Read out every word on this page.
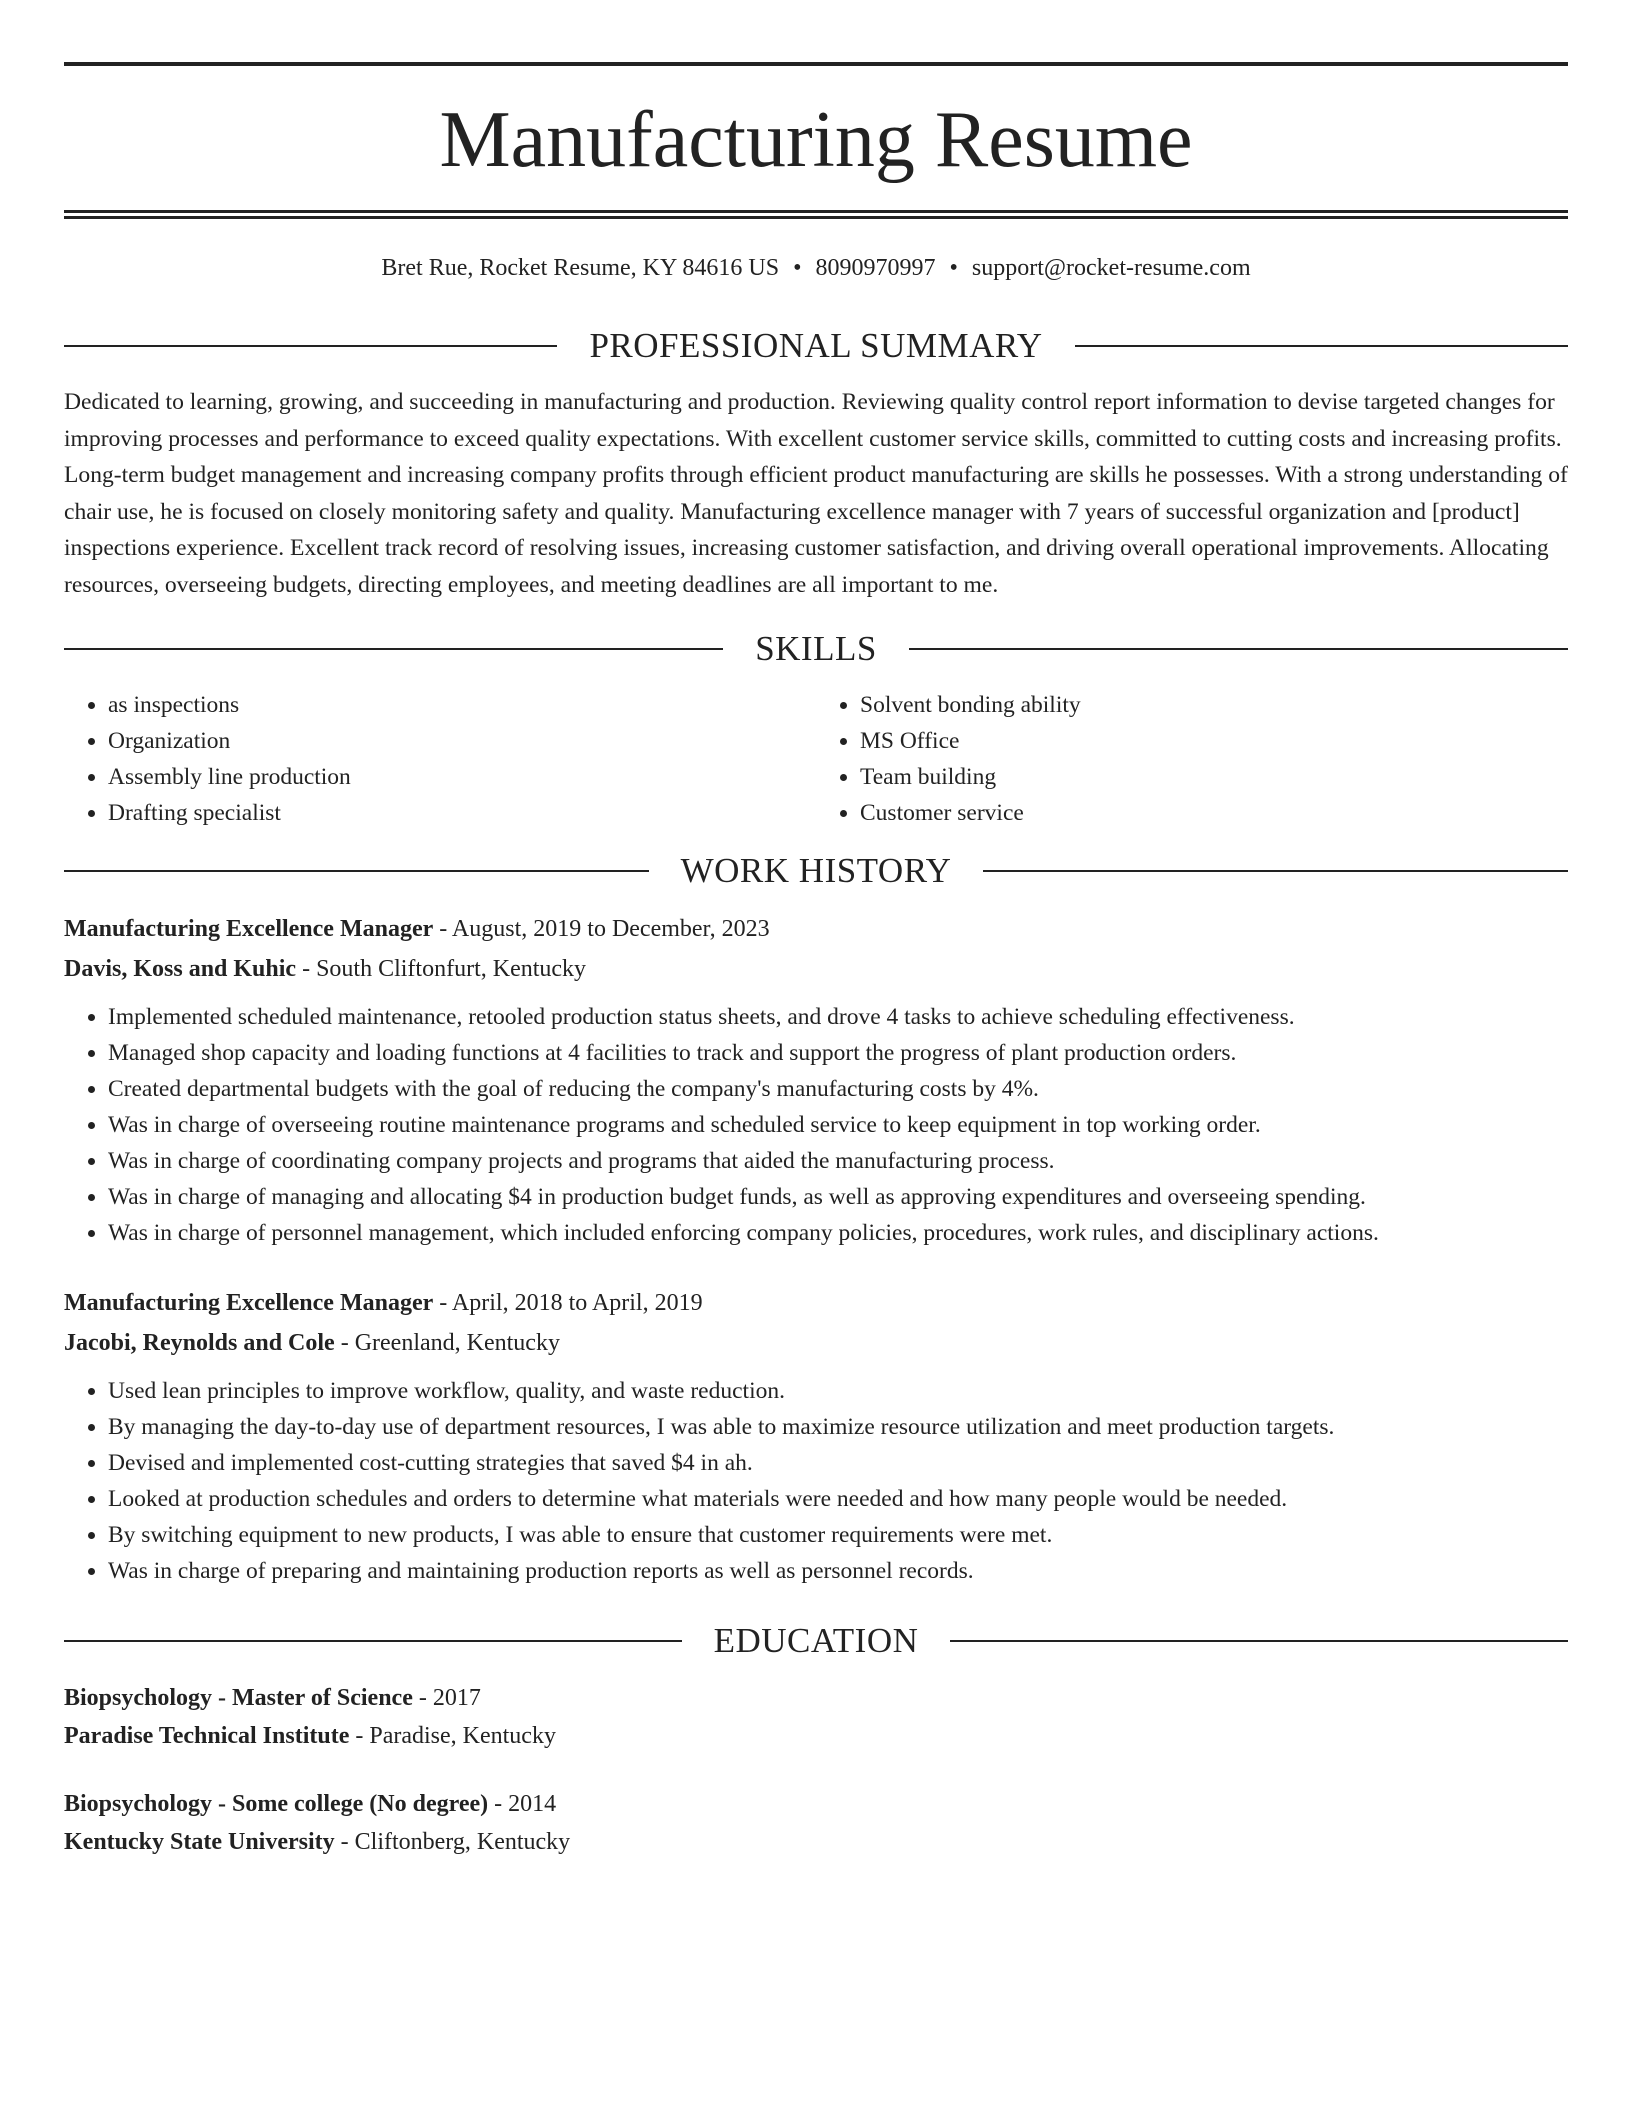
Manufacturing Resume
Bret Rue, Rocket Resume, KY 84616 US • 8090970997 • support@rocket-resume.com
PROFESSIONAL SUMMARY

Dedicated to learning, growing, and succeeding in manufacturing and production. Reviewing quality control report information to devise targeted changes for improving processes and performance to exceed quality expectations. With excellent customer service skills, committed to cutting costs and increasing profits. Long-term budget management and increasing company profits through efficient product manufacturing are skills he possesses. With a strong understanding of chair use, he is focused on closely monitoring safety and quality. Manufacturing excellence manager with 7 years of successful organization and [product] inspections experience. Excellent track record of resolving issues, increasing customer satisfaction, and driving overall operational improvements. Allocating resources, overseeing budgets, directing employees, and meeting deadlines are all important to me.

SKILLS
• as inspections
• Organization
• Assembly line production
• Drafting specialist
• Solvent bonding ability
• MS Office
• Team building
• Customer service
WORK HISTORY
Manufacturing Excellence Manager - August, 2019 to December, 2023
Davis, Koss and Kuhic - South Cliftonfurt, Kentucky
• Implemented scheduled maintenance, retooled production status sheets, and drove 4 tasks to achieve scheduling effectiveness.
• Managed shop capacity and loading functions at 4 facilities to track and support the progress of plant production orders.
• Created departmental budgets with the goal of reducing the company's manufacturing costs by 4%.
• Was in charge of overseeing routine maintenance programs and scheduled service to keep equipment in top working order.
• Was in charge of coordinating company projects and programs that aided the manufacturing process.
• Was in charge of managing and allocating $4 in production budget funds, as well as approving expenditures and overseeing spending.
• Was in charge of personnel management, which included enforcing company policies, procedures, work rules, and disciplinary actions.
Manufacturing Excellence Manager - April, 2018 to April, 2019
Jacobi, Reynolds and Cole - Greenland, Kentucky
• Used lean principles to improve workflow, quality, and waste reduction.
• By managing the day-to-day use of department resources, I was able to maximize resource utilization and meet production targets.
• Devised and implemented cost-cutting strategies that saved $4 in ah.
• Looked at production schedules and orders to determine what materials were needed and how many people would be needed.
• By switching equipment to new products, I was able to ensure that customer requirements were met.
• Was in charge of preparing and maintaining production reports as well as personnel records.
EDUCATION
Biopsychology - Master of Science - 2017
Paradise Technical Institute - Paradise, Kentucky
Biopsychology - Some college (No degree) - 2014
Kentucky State University - Cliftonberg, Kentucky
